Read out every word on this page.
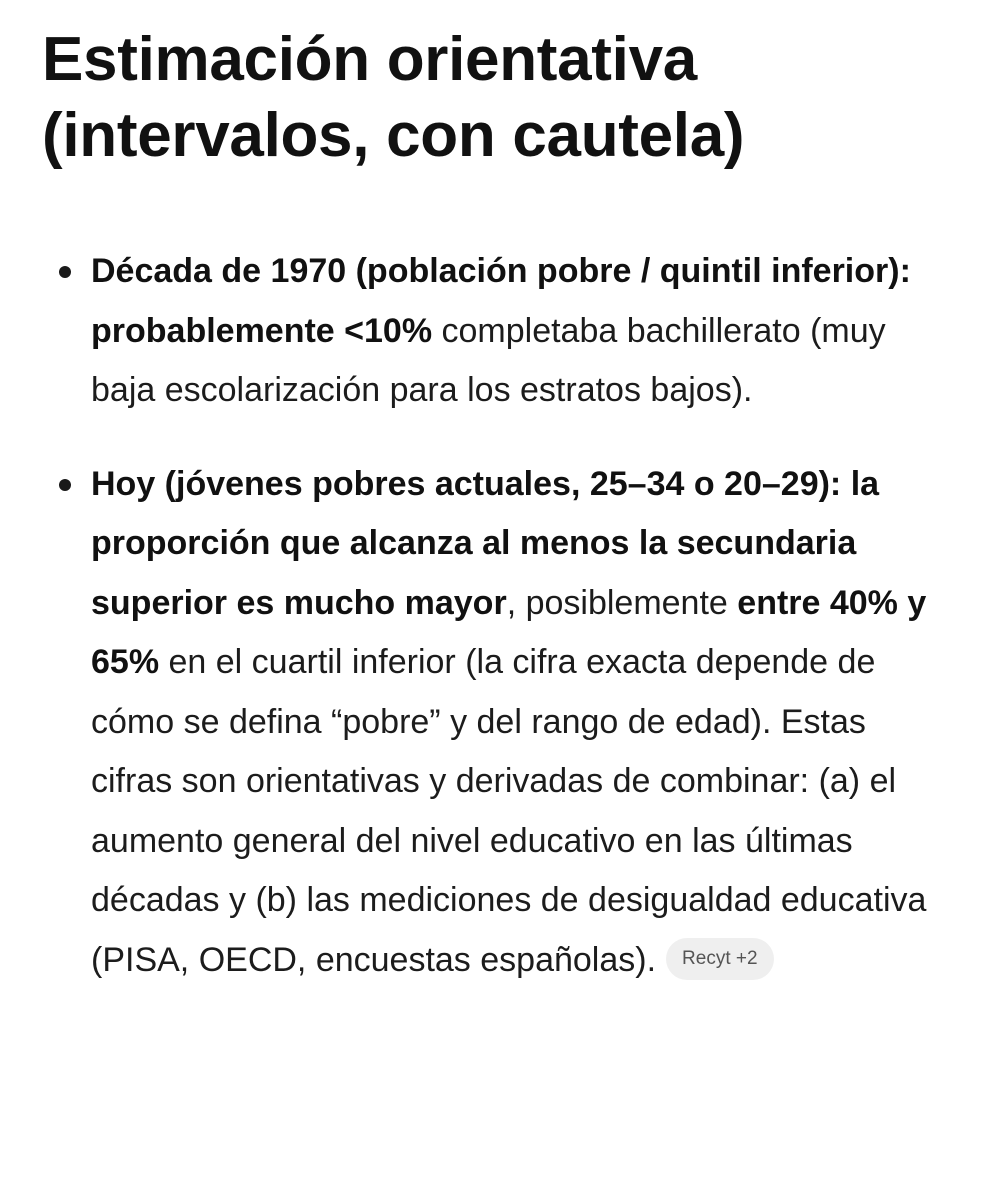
Estimación orientativa (intervalos, con cautela)
Década de 1970 (población pobre / quintil inferior): probablemente <10% completaba bachillerato (muy baja escolarización para los estratos bajos).
Hoy (jóvenes pobres actuales, 25–34 o 20–29): la proporción que alcanza al menos la secundaria superior es mucho mayor, posiblemente entre 40% y 65% en el cuartil inferior (la cifra exacta depende de cómo se defina “pobre” y del rango de edad). Estas cifras son orientativas y derivadas de combinar: (a) el aumento general del nivel educativo en las últimas décadas y (b) las mediciones de desigualdad educativa (PISA, OECD, encuestas españolas). Recyt +2
